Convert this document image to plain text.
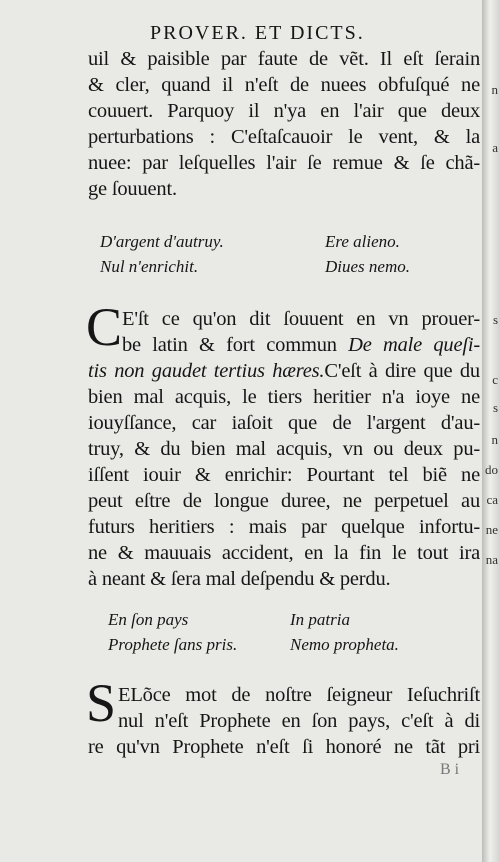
PROVER. ET DICTS.
uil & paisible par faute de vẽt. Il eſt ſerain
& cler, quand il n'eſt de nuees obfuſqué ne
couuert. Parquoy il n'ya en l'air que deux
perturbations : C'eſtaſcauoir le vent, & la
nuee: par leſquelles l'air ſe remue & ſe chã-
ge ſouuent.
D'argent d'autruy.	Ere alieno.
Nul n'enrichit.	Diues nemo.
C E'ſt ce qu'on dit ſouuent en vn prouer-
be latin & fort commun De male queſi-
tis non gaudet tertius hæres.C'eſt à dire que du
bien mal acquis, le tiers heritier n'a ioye ne
iouyſſance, car iaſoit que de l'argent d'au-
truy, & du bien mal acquis, vn ou deux pu-
iſſent iouir & enrichir: Pourtant tel biẽ ne
peut eſtre de longue duree, ne perpetuel au
futurs heritiers : mais par quelque infortu-
ne & mauuais accident, en la fin le tout ira
à neant & ſera mal deſpendu & perdu.
En ſon pays	In patria
Prophete ſans pris.	Nemo propheta.
S ELõce mot de noſtre ſeigneur Ieſuchriſt
nul n'eſt Prophete en ſon pays, c'eſt à di
re qu'vn Prophete n'eſt ſi honoré ne tãt pri
B i
n
a
s
c
s
n
do
ca
ne
na
